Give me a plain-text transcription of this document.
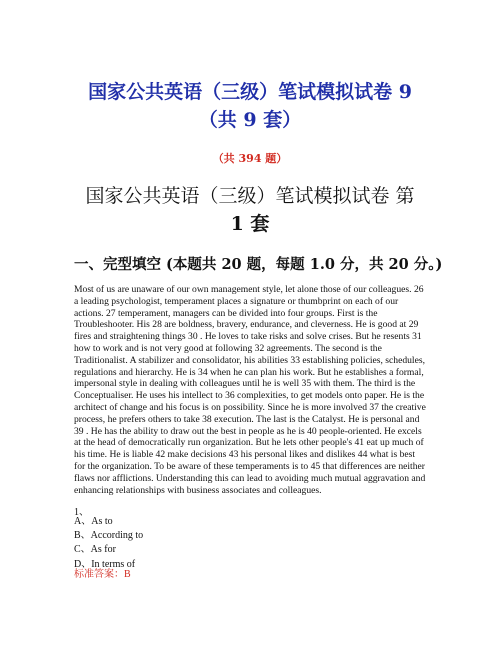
国家公共英语（三级）笔试模拟试卷 9
（共 9 套）
（共 394 题）
国家公共英语（三级）笔试模拟试卷 第
1 套
一、完型填空 (本题共 20 题，每题 1.0 分，共 20 分。)

Most of us are unaware of our own management style, let alone those of our colleagues. 26 a leading psychologist, temperament places a signature or thumbprint on each of our actions. 27 temperament, managers can be divided into four groups. First is the Troubleshooter. His 28 are boldness, bravery, endurance, and cleverness. He is good at 29 fires and straightening things 30 . He loves to take risks and solve crises. But he resents 31 how to work and is not very good at following 32 agreements. The second is the Traditionalist. A stabilizer and consolidator, his abilities 33 establishing policies, schedules, regulations and hierarchy. He is 34 when he can plan his work. But he establishes a formal, impersonal style in dealing with colleagues until he is well 35 with them. The third is the Conceptualiser. He uses his intellect to 36 complexities, to get models onto paper. He is the architect of change and his focus is on possibility. Since he is more involved 37 the creative process, he prefers others to take 38 execution. The last is the Catalyst. He is personal and 39 . He has the ability to draw out the best in people as he is 40 people-oriented. He excels at the head of democratically run organization. But he lets other people's 41 eat up much of his time. He is liable 42 make decisions 43 his personal likes and dislikes 44 what is best for the organization. To be aware of these temperaments is to 45 that differences are neither flaws nor afflictions. Understanding this can lead to avoiding much mutual aggravation and enhancing relationships with business associates and colleagues.

1、
A、As to
B、According to
C、As for
D、In terms of
标准答案：B
